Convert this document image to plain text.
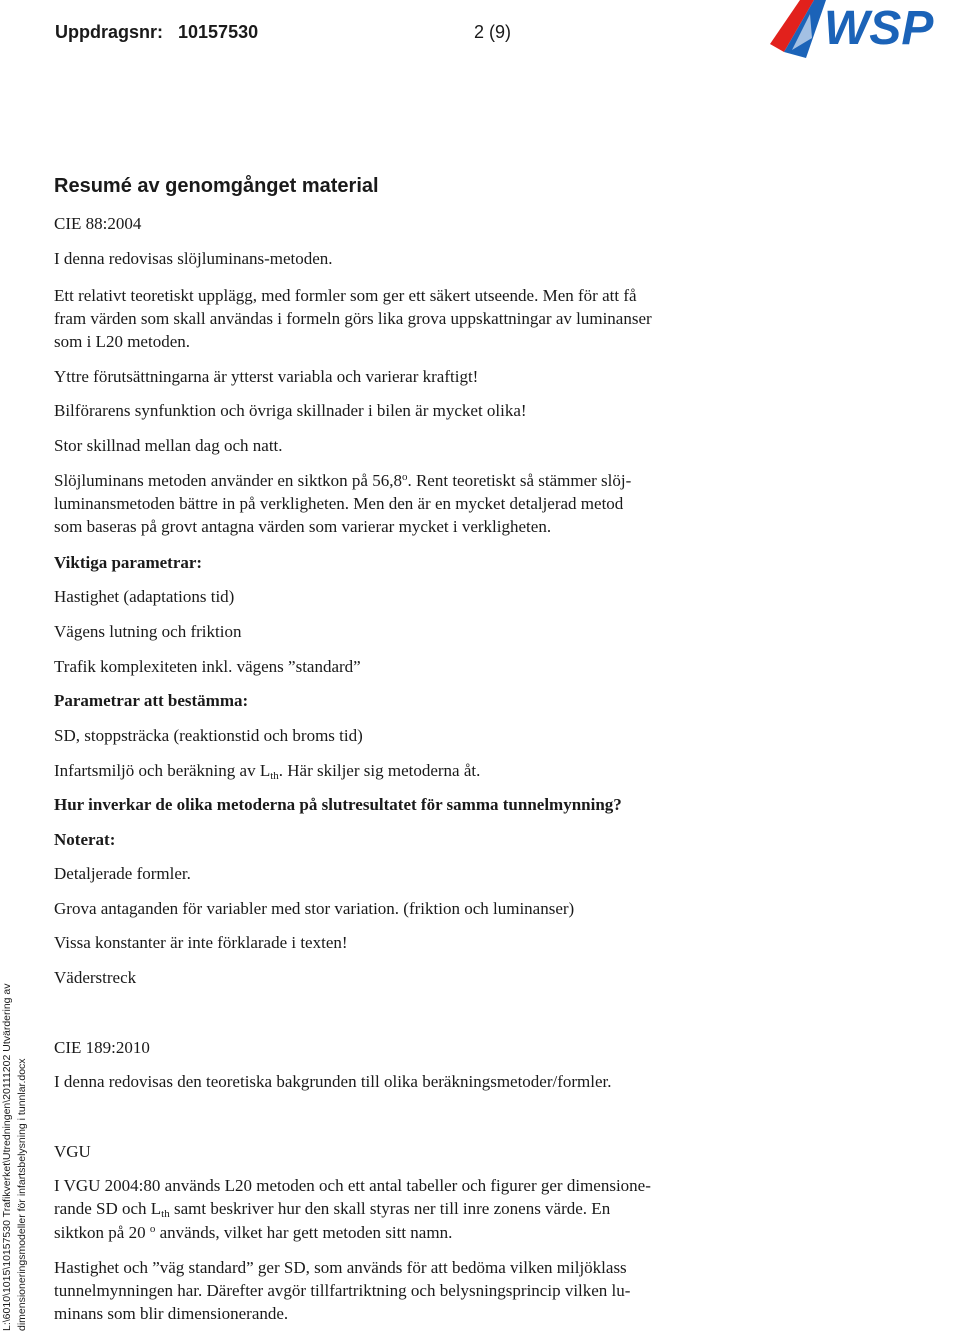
Uppdragsnr: 10157530	2 (9)	WSP
L:\6010\1015\10157530 Trafikverket\Utredningen\20111202 Utvärdering av dimensioneringsmodeller för infartsbelysning i tunnlar.docx
Resumé av genomgånget material
CIE 88:2004
I denna redovisas slöjluminans-metoden.
Ett relativt teoretiskt upplägg, med formler som ger ett säkert utseende. Men för att få
fram värden som skall användas i formeln görs lika grova uppskattningar av luminanser
som i L20 metoden.
Yttre förutsättningarna är ytterst variabla och varierar kraftigt!
Bilförarens synfunktion och övriga skillnader i bilen är mycket olika!
Stor skillnad mellan dag och natt.
Slöjluminans metoden använder en siktkon på 56,8$^o$. Rent teoretiskt så stämmer slöj-
luminansmetoden bättre in på verkligheten. Men den är en mycket detaljerad metod
som baseras på grovt antagna värden som varierar mycket i verkligheten.
Viktiga parametrar:
Hastighet (adaptations tid)
Vägens lutning och friktion
Trafik komplexiteten inkl. vägens ”standard”
Parametrar att bestämma:
SD, stoppsträcka (reaktionstid och broms tid)
Infartsmiljö och beräkning av $L_{th}$. Här skiljer sig metoderna åt.
Hur inverkar de olika metoderna på slutresultatet för samma tunnelmynning?
Noterat:
Detaljerade formler.
Grova antaganden för variabler med stor variation. (friktion och luminanser)
Vissa konstanter är inte förklarade i texten!
Väderstreck
CIE 189:2010
I denna redovisas den teoretiska bakgrunden till olika beräkningsmetoder/formler.
VGU
I VGU 2004:80 används L20 metoden och ett antal tabeller och figurer ger dimensione-
rande SD och $L_{th}$ samt beskriver hur den skall styras ner till inre zonens värde. En
siktkon på 20 $^o$ används, vilket har gett metoden sitt namn.
Hastighet och ”väg standard” ger SD, som används för att bedöma vilken miljöklass
tunnelmynningen har. Därefter avgör tillfartriktning och belysningsprincip vilken lu-
minans som blir dimensionerande.
